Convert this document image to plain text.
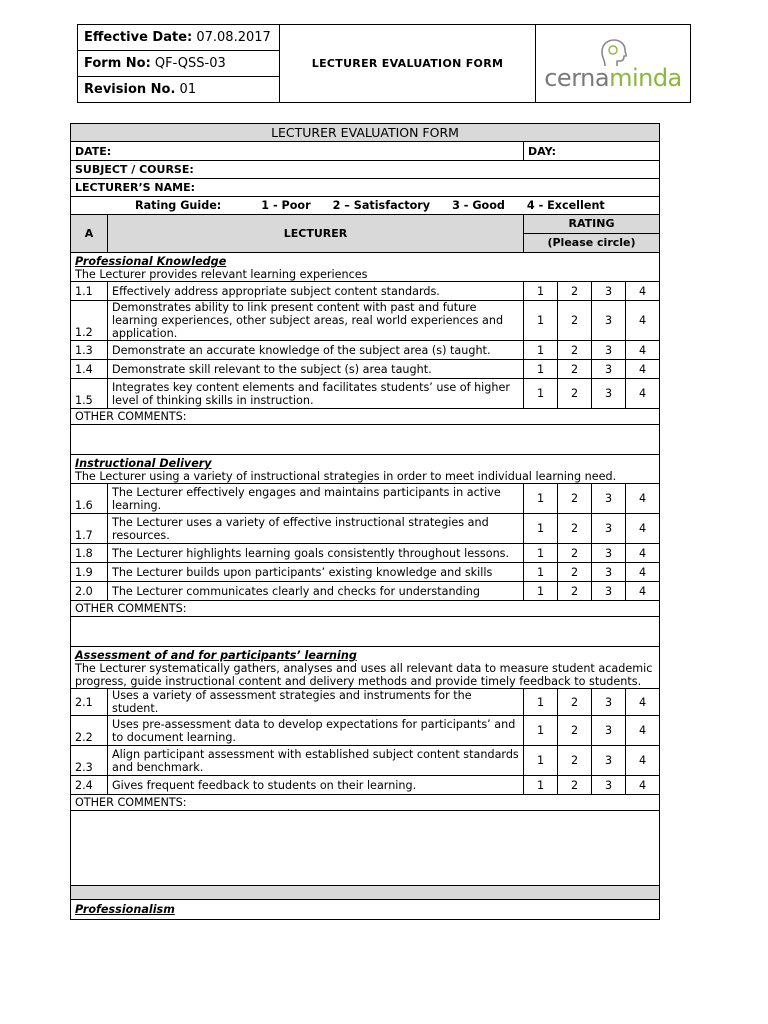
Effective Date: 07.08.2017	LECTURER EVALUATION FORM	cernaminda

Form No: QF-QSS-03
Revision No. 01
LECTURER EVALUATION FORM					
DATE:		DAY:			
SUBJECT / COURSE:					
LECTURER’S NAME:					

Rating Guide: 1 - Poor 2 – Satisfactory 3 - Good 4 - Excellent					

A	LECTURER	RATING
(Please circle)			

Professional Knowledge
The Lecturer provides relevant learning experiences					

1.1	Effectively address appropriate subject content standards.	1	2	3	4
1.2	Demonstrates ability to link present content with past and future learning experiences, other subject areas, real world experiences and application.	1	2	3	4
1.3	Demonstrate an accurate knowledge of the subject area (s) taught.	1	2	3	4
1.4	Demonstrate skill relevant to the subject (s) area taught.	1	2	3	4
1.5	Integrates key content elements and facilitates students’ use of higher level of thinking skills in instruction.	1	2	3	4
OTHER COMMENTS:					

Instructional Delivery
The Lecturer using a variety of instructional strategies in order to meet individual learning need.					

1.6	The Lecturer effectively engages and maintains participants in active learning.	1	2	3	4
1.7	The Lecturer uses a variety of effective instructional strategies and resources.	1	2	3	4
1.8	The Lecturer highlights learning goals consistently throughout lessons.	1	2	3	4
1.9	The Lecturer builds upon participants’ existing knowledge and skills	1	2	3	4
2.0	The Lecturer communicates clearly and checks for understanding	1	2	3	4
OTHER COMMENTS:					

Assessment of and for participants’ learning
The Lecturer systematically gathers, analyses and uses all relevant data to measure student academic progress, guide instructional content and delivery methods and provide timely feedback to students.					

2.1	Uses a variety of assessment strategies and instruments for the student.	1	2	3	4
2.2	Uses pre-assessment data to develop expectations for participants’ and to document learning.	1	2	3	4
2.3	Align participant assessment with established subject content standards and benchmark.	1	2	3	4
2.4	Gives frequent feedback to students on their learning.	1	2	3	4
OTHER COMMENTS:					

Professionalism					
